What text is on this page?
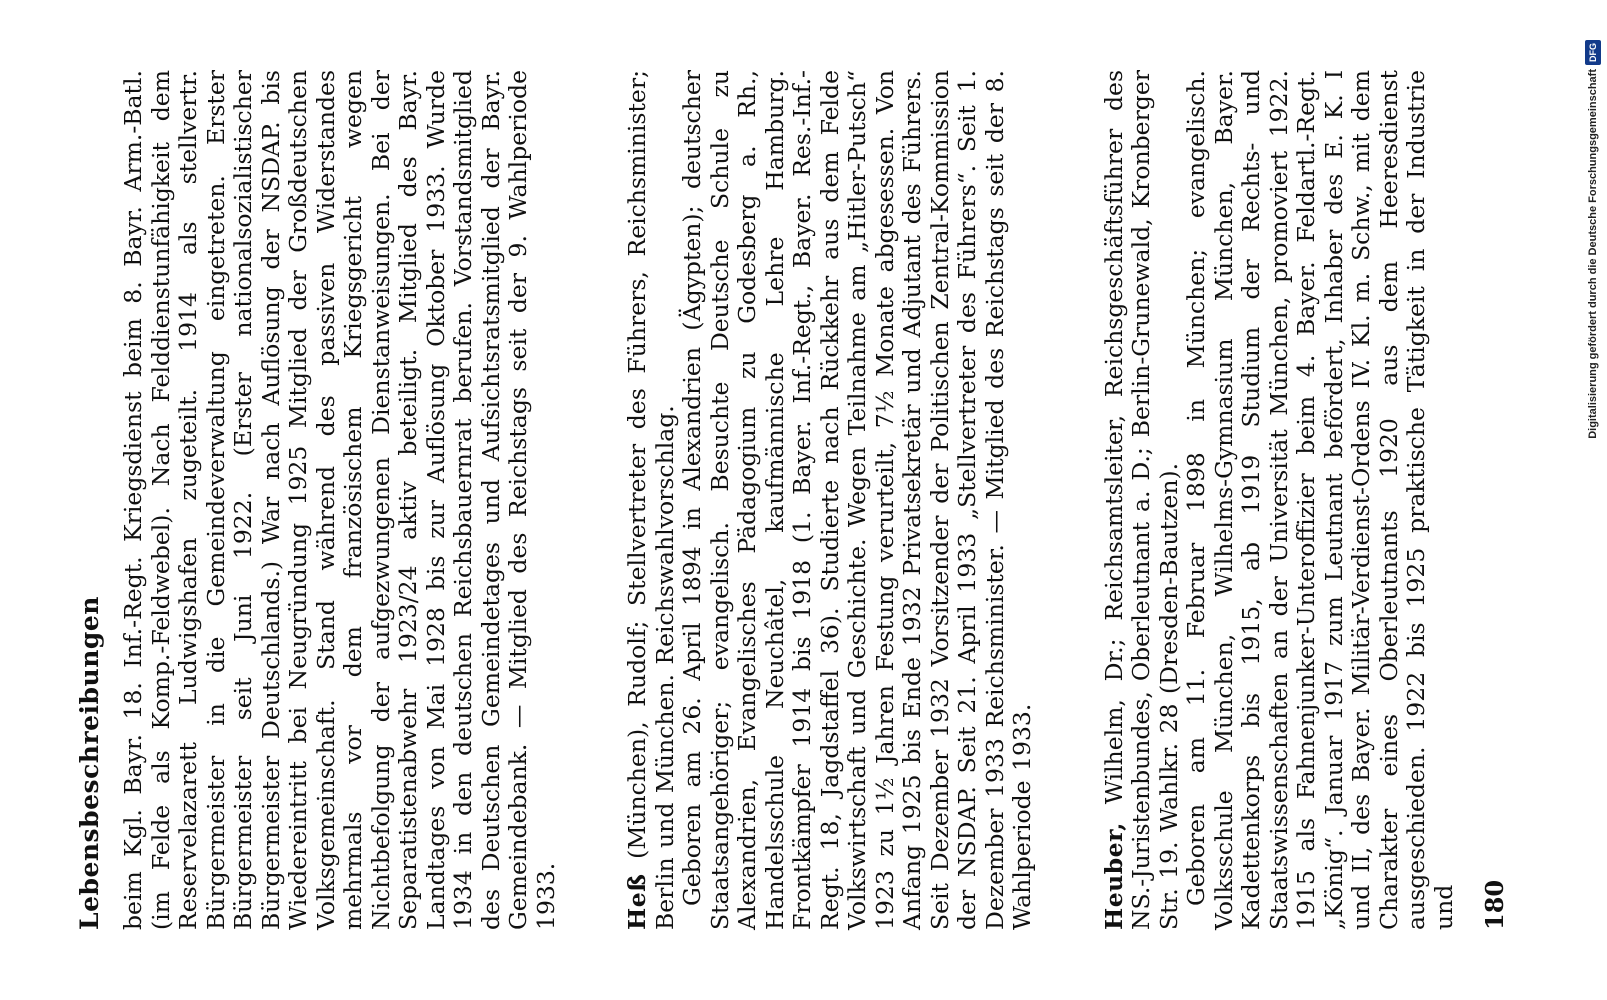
Lebensbeschreibungen beim Kgl. Bayr. 18. Inf.-Regt. Kriegsdienst beim 8. Bayr. Arm.-Batl. (im Felde als Komp.-Feldwebel). Nach Felddienstunfähigkeit dem Reservelazarett Ludwigshafen zugeteilt. 1914 als stellvertr. Bürgermeister in die Gemeindeverwaltung eingetreten. Erster Bürgermeister seit Juni 1922. (Erster nationalsozialistischer Bürgermeister Deutschlands.) War nach Auflösung der NSDAP. bis Wiedereintritt bei Neugründung 1925 Mitglied der Großdeutschen Volksgemeinschaft. Stand während des passiven Widerstandes mehrmals vor dem französischem Kriegsgericht wegen Nichtbefolgung der aufgezwungenen Dienstanweisungen. Bei der Separatistenabwehr 1923/24 aktiv beteiligt. Mitglied des Bayr. Landtages von Mai 1928 bis zur Auflösung Oktober 1933. Wurde 1934 in den deutschen Reichsbauernrat berufen. Vorstandsmitglied des Deutschen Gemeindetages und Aufsichtsratsmitglied der Bayr. Gemeindebank. — Mitglied des Reichstags seit der 9. Wahlperiode 1933.	Heß (München), Rudolf; Stellvertreter des Führers, Reichsminister; Berlin und München. Reichswahlvorschlag. Geboren am 26. April 1894 in Alexandrien (Ägypten); deutscher Staatsangehöriger; evangelisch. Besuchte Deutsche Schule zu Alexandrien, Evangelisches Pädagogium zu Godesberg a. Rh., Handelsschule Neuchâtel, kaufmännische Lehre Hamburg. Frontkämpfer 1914 bis 1918 (1. Bayer. Inf.-Regt., Bayer. Res.-Inf.-Regt. 18, Jagdstaffel 36). Studierte nach Rückkehr aus dem Felde Volkswirtschaft und Geschichte. Wegen Teilnahme am „Hitler-Putsch“ 1923 zu 1½ Jahren Festung verurteilt, 7½ Monate abgesessen. Von Anfang 1925 bis Ende 1932 Privatsekretär und Adjutant des Führers. Seit Dezember 1932 Vorsitzender der Politischen Zentral-Kommission der NSDAP. Seit 21. April 1933 „Stellvertreter des Führers“. Seit 1. Dezember 1933 Reichsminister. — Mitglied des Reichstags seit der 8. Wahlperiode 1933.	Heuber, Wilhelm, Dr.; Reichsamtsleiter, Reichsgeschäftsführer des NS.-Juristenbundes, Oberleutnant a. D.; Berlin-Grunewald, Kronberger Str. 19. Wahlkr. 28 (Dresden-Bautzen). Geboren am 11. Februar 1898 in München; evangelisch. Volksschule München, Wilhelms-Gymnasium München, Bayer. Kadettenkorps bis 1915, ab 1919 Studium der Rechts- und Staatswissenschaften an der Universität München, promoviert 1922. 1915 als Fahnenjunker-Unteroffizier beim 4. Bayer. Feldartl.-Regt. „König“. Januar 1917 zum Leutnant befördert, Inhaber des E. K. I und II, des Bayer. Militär-Verdienst-Ordens IV. Kl. m. Schw., mit dem Charakter eines Oberleutnants 1920 aus dem Heeresdienst ausgeschieden. 1922 bis 1925 praktische Tätigkeit in der Industrie und 180
Digitalisierung gefördert durch die Deutsche ForschungsgemeinschaftDFG
